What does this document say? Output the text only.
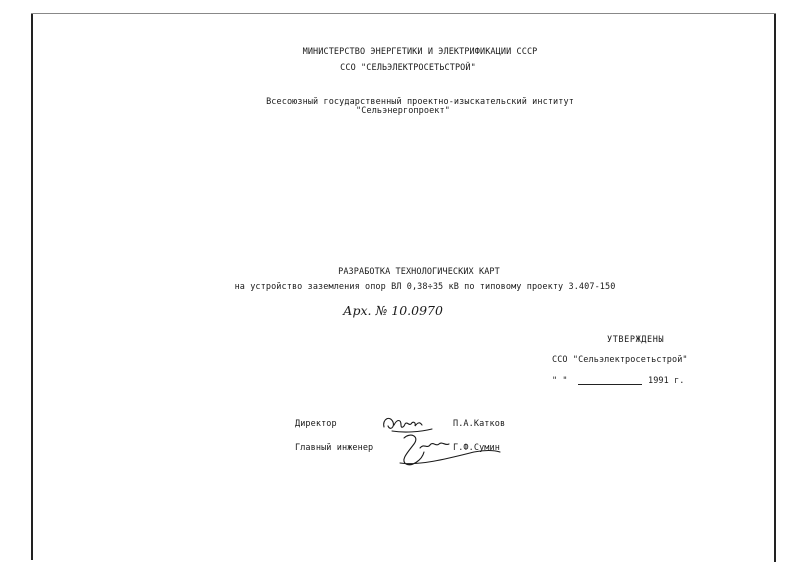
МИНИСТЕРСТВО ЭНЕРГЕТИКИ И ЭЛЕКТРИФИКАЦИИ СССР
ССО "СЕЛЬЭЛЕКТРОСЕТЬСТРОЙ"
Всесоюзный государственный проектно-изыскательский институт
"Сельэнергопроект"
РАЗРАБОТКА ТЕХНОЛОГИЧЕСКИХ КАРТ
на устройство заземления опор ВЛ 0,38÷35 кВ по типовому проекту 3.407-150
Арх. № 10.0970
УТВЕРЖДЕНЫ
ССО "Сельэлектросетьстрой"
" "	1991 г.
Директор	П.А.Катков
Главный инженер	Г.Ф.Сумин
